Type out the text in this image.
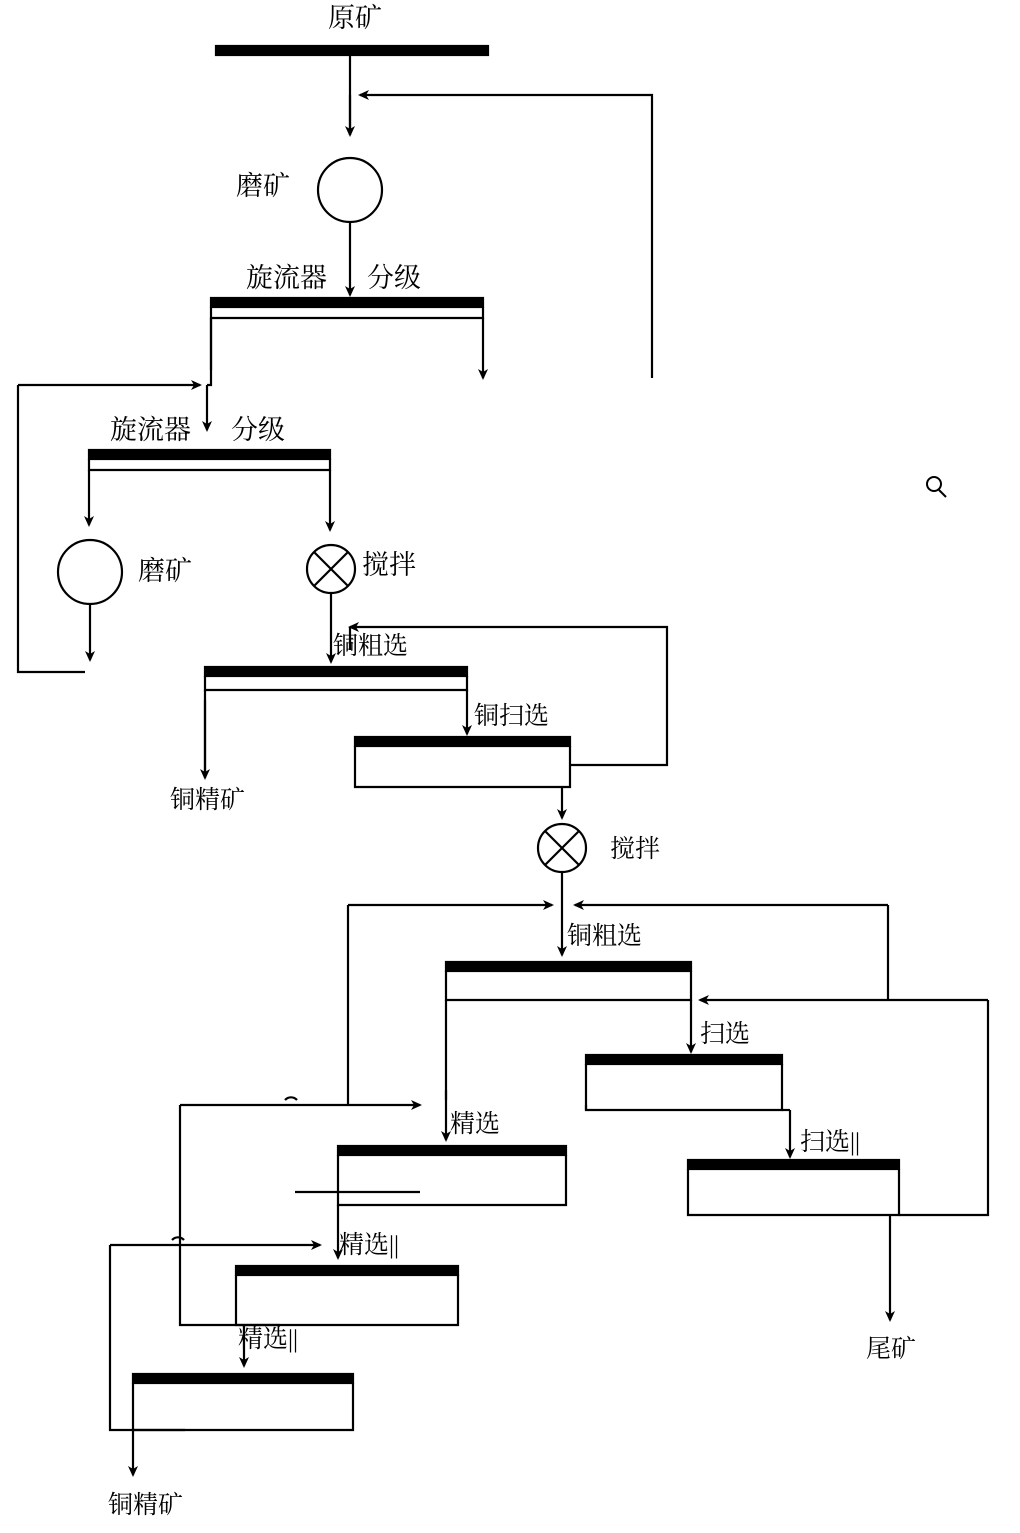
原矿
磨矿
旋流器 分级
旋流器 分级
磨矿	搅拌
铜粗选
铜扫选
铜精矿
搅拌
铜粗选
扫选
精选
扫选||
精选||
精选||	尾矿
铜精矿
